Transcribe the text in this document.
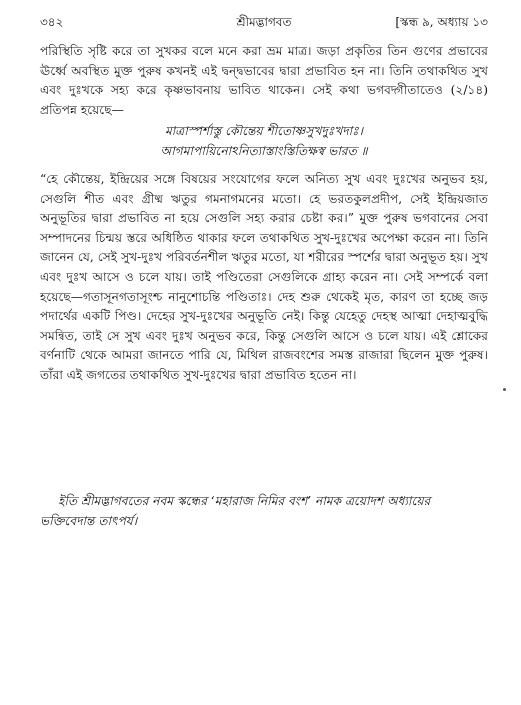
৩৪২	শ্রীমদ্ভাগবত	[স্কন্ধ ৯, অধ্যায় ১৩
পরিস্থিতি সৃষ্টি করে তা সুখকর বলে মনে করা ভ্রম মাত্র। জড়া প্রকৃতির তিন গুণের প্রভাবের ঊর্ধ্বে অবস্থিত মুক্ত পুরুষ কখনই এই দ্বন্দ্বভাবের দ্বারা প্রভাবিত হন না। তিনি তথাকথিত সুখ এবং দুঃখকে সহ্য করে কৃষ্ণভাবনায় ভাবিত থাকেন। সেই কথা ভগবদ্গীতাতেও (২/১৪) প্রতিপন্ন হয়েছে—
মাত্রাস্পর্শাস্তু কৌন্তেয় শীতোষ্ণসুখদুঃখদাঃ।
আগমাপায়িনোঽনিত্যাস্তাংস্তিতিক্ষস্ব ভারত ॥
“হে কৌন্তেয়, ইন্দ্রিয়ের সঙ্গে বিষয়ের সংযোগের ফলে অনিত্য সুখ এবং দুঃখের অনুভব হয়, সেগুলি শীত এবং গ্রীষ্ম ঋতুর গমনাগমনের মতো। হে ভরতকুলপ্রদীপ, সেই ইন্দ্রিয়জাত অনুভূতির দ্বারা প্রভাবিত না হয়ে সেগুলি সহ্য করার চেষ্টা কর।” মুক্ত পুরুষ ভগবানের সেবা সম্পাদনের চিন্ময় স্তরে অধিষ্ঠিত থাকার ফলে তথাকথিত সুখ-দুঃখের অপেক্ষা করেন না। তিনি জানেন যে, সেই সুখ-দুঃখ পরিবর্তনশীল ঋতুর মতো, যা শরীরের স্পর্শের দ্বারা অনুভূত হয়। সুখ এবং দুঃখ আসে ও চলে যায়। তাই পণ্ডিতেরা সেগুলিকে গ্রাহ্য করেন না। সেই সম্পর্কে বলা হয়েছে—গতাসূনগতাসূংশ্চ নানুশোচন্তি পণ্ডিতাঃ। দেহ শুরু থেকেই মৃত, কারণ তা হচ্ছে জড় পদার্থের একটি পিণ্ড। দেহের সুখ-দুঃখের অনুভূতি নেই। কিন্তু যেহেতু দেহস্থ আত্মা দেহাত্মবুদ্ধি সমন্বিত, তাই সে সুখ এবং দুঃখ অনুভব করে, কিন্তু সেগুলি আসে ও চলে যায়। এই শ্লোকের বর্ণনাটি থেকে আমরা জানতে পারি যে, মিথিল রাজবংশের সমস্ত রাজারা ছিলেন মুক্ত পুরুষ। তাঁরা এই জগতের তথাকথিত সুখ-দুঃখের দ্বারা প্রভাবিত হতেন না।
ইতি শ্রীমদ্ভাগবতের নবম স্কন্ধের ‘মহারাজ নিমির বংশ’ নামক ত্রয়োদশ অধ্যায়ের ভক্তিবেদান্ত তাৎপর্য।
